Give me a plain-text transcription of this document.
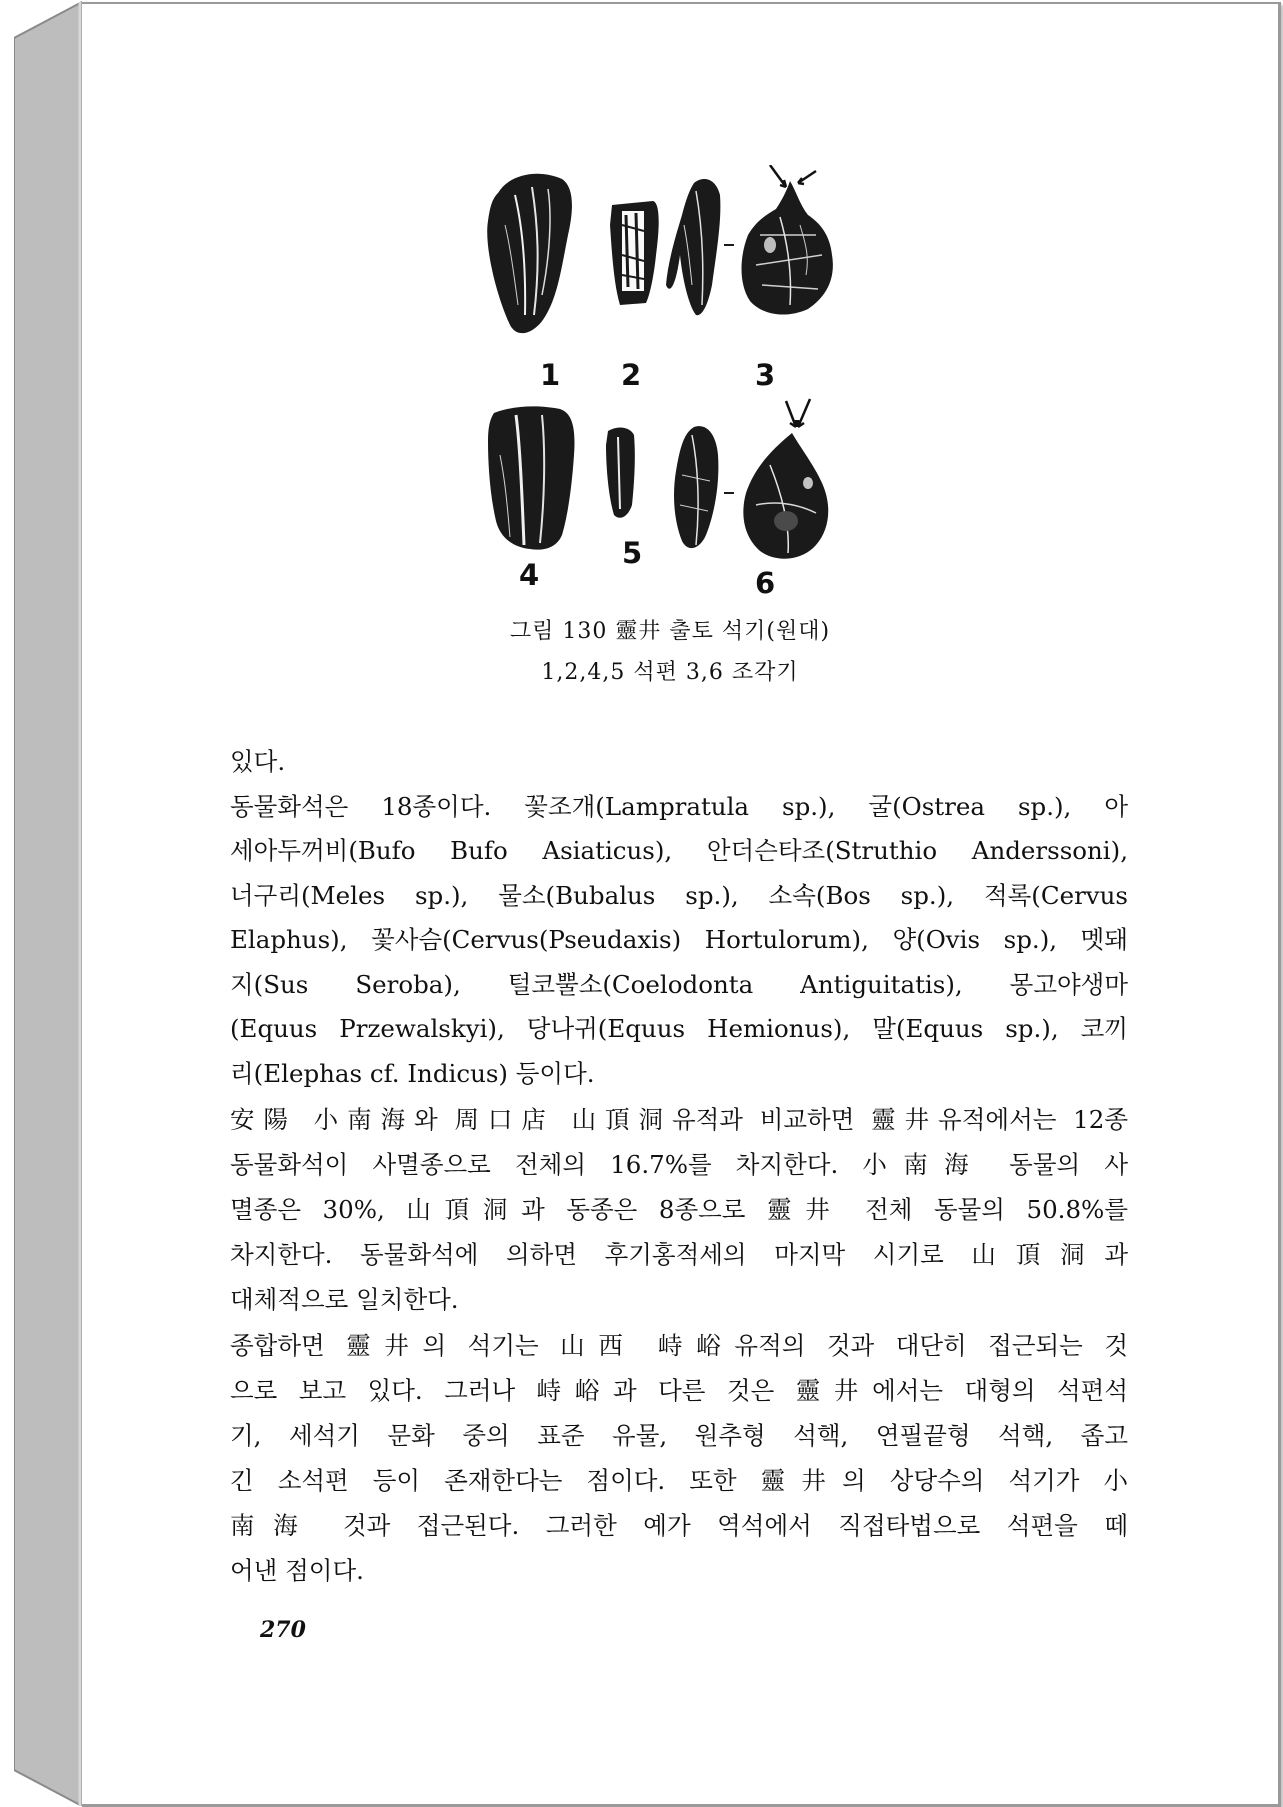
1 2	3
4
5
6
그림 130 靈井 출토 석기(원대)
1,2,4,5 석편 3,6 조각기
있다.
동물화석은 18종이다. 꽃조개(Lampratula sp.), 굴(Ostrea sp.), 아
세아두꺼비(Bufo Bufo Asiaticus), 안더슨타조(Struthio Anderssoni),
너구리(Meles sp.), 물소(Bubalus sp.), 소속(Bos sp.), 적록(Cervus
Elaphus), 꽃사슴(Cervus(Pseudaxis) Hortulorum), 양(Ovis sp.), 멧돼
지(Sus Seroba), 털코뿔소(Coelodonta Antiguitatis), 몽고야생마
(Equus Przewalskyi), 당나귀(Equus Hemionus), 말(Equus sp.), 코끼
리(Elephas cf. Indicus) 등이다.
安陽 小南海와 周口店 山頂洞유적과 비교하면 靈井유적에서는 12종
동물화석이 사멸종으로 전체의 16.7%를 차지한다. 小南海 동물의 사
멸종은 30%, 山頂洞과 동종은 8종으로 靈井 전체 동물의 50.8%를
차지한다. 동물화석에 의하면 후기홍적세의 마지막 시기로 山頂洞과
대체적으로 일치한다.
종합하면 靈井의 석기는 山西 峙峪유적의 것과 대단히 접근되는 것
으로 보고 있다. 그러나 峙峪과 다른 것은 靈井에서는 대형의 석편석
기, 세석기 문화 중의 표준 유물, 원추형 석핵, 연필끝형 석핵, 좁고
긴 소석편 등이 존재한다는 점이다. 또한 靈井의 상당수의 석기가 小
南海 것과 접근된다. 그러한 예가 역석에서 직접타법으로 석편을 떼
어낸 점이다.
270
